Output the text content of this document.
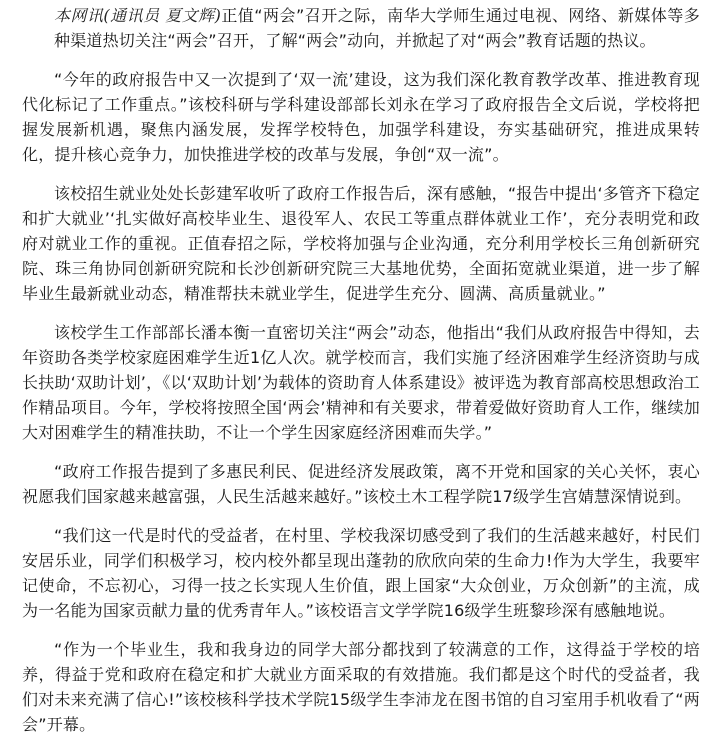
本网讯(通讯员 夏文辉)正值“两会”召开之际，南华大学师生通过电视、网络、新媒体等多种渠道热切关注“两会”召开，了解“两会”动向，并掀起了对“两会”教育话题的热议。

“今年的政府报告中又一次提到了‘双一流’建设，这为我们深化教育教学改革、推进教育现代化标记了工作重点。”该校科研与学科建设部部长刘永在学习了政府报告全文后说，学校将把握发展新机遇，聚焦内涵发展，发挥学校特色，加强学科建设，夯实基础研究，推进成果转化，提升核心竞争力，加快推进学校的改革与发展，争创“双一流”。

该校招生就业处处长彭建军收听了政府工作报告后，深有感触，“报告中提出‘多管齐下稳定和扩大就业’‘扎实做好高校毕业生、退役军人、农民工等重点群体就业工作’，充分表明党和政府对就业工作的重视。正值春招之际，学校将加强与企业沟通，充分利用学校长三角创新研究院、珠三角协同创新研究院和长沙创新研究院三大基地优势，全面拓宽就业渠道，进一步了解毕业生最新就业动态，精准帮扶未就业学生，促进学生充分、圆满、高质量就业。”

该校学生工作部部长潘本衡一直密切关注“两会”动态，他指出“我们从政府报告中得知，去年资助各类学校家庭困难学生近1亿人次。就学校而言，我们实施了经济困难学生经济资助与成长扶助‘双助计划’，《以‘双助计划’为载体的资助育人体系建设》被评选为教育部高校思想政治工作精品项目。今年，学校将按照全国‘两会’精神和有关要求，带着爱做好资助育人工作，继续加大对困难学生的精准扶助，不让一个学生因家庭经济困难而失学。”

“政府工作报告提到了多惠民利民、促进经济发展政策，离不开党和国家的关心关怀，衷心祝愿我们国家越来越富强，人民生活越来越好。”该校土木工程学院17级学生宫婧慧深情说到。

“我们这一代是时代的受益者，在村里、学校我深切感受到了我们的生活越来越好，村民们安居乐业，同学们积极学习，校内校外都呈现出蓬勃的欣欣向荣的生命力!作为大学生，我要牢记使命，不忘初心，习得一技之长实现人生价值，跟上国家“大众创业，万众创新”的主流，成为一名能为国家贡献力量的优秀青年人。”该校语言文学学院16级学生班黎珍深有感触地说。

“作为一个毕业生，我和我身边的同学大部分都找到了较满意的工作，这得益于学校的培养，得益于党和政府在稳定和扩大就业方面采取的有效措施。我们都是这个时代的受益者，我们对未来充满了信心!”该校核科学技术学院15级学生李沛龙在图书馆的自习室用手机收看了“两会”开幕。
